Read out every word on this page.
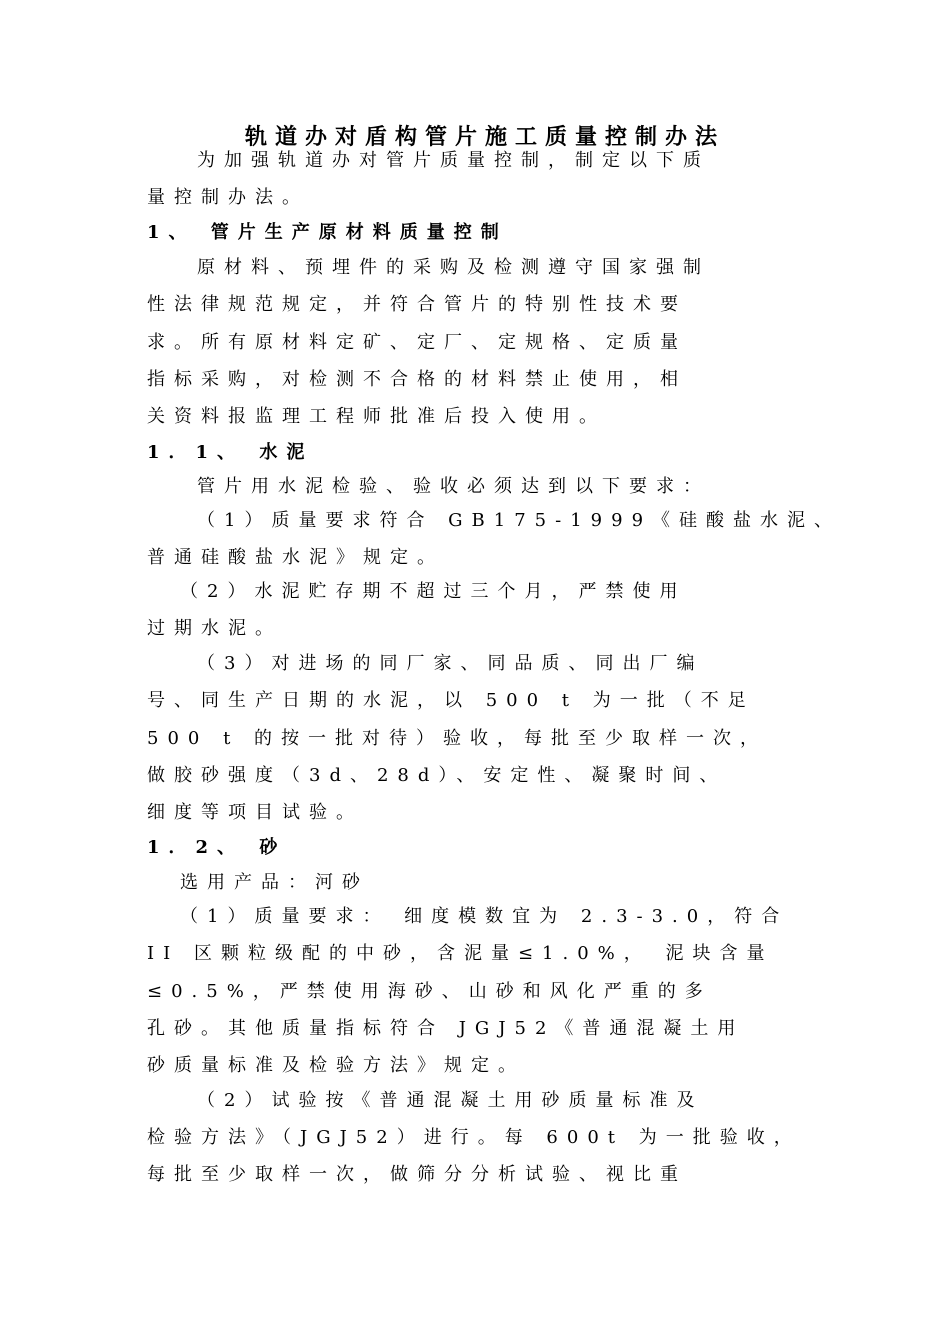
轨道办对盾构管片施工质量控制办法
为加强轨道办对管片质量控制，制定以下质
量控制办法。
1、 管片生产原材料质量控制
原材料、预埋件的采购及检测遵守国家强制
性法律规范规定，并符合管片的特别性技术要
求。所有原材料定矿、定厂、定规格、定质量
指标采购，对检测不合格的材料禁止使用，相
关资料报监理工程师批准后投入使用。
1．1、 水泥
管片用水泥检验、验收必须达到以下要求：
（1）质量要求符合 GB175-1999《硅酸盐水泥、
普通硅酸盐水泥》规定。
（2）水泥贮存期不超过三个月，严禁使用
过期水泥。
（3）对进场的同厂家、同品质、同出厂编
号、同生产日期的水泥，以 500 t 为一批（不足
500 t 的按一批对待）验收，每批至少取样一次，
做胶砂强度（3d、28d）、安定性、凝聚时间、
细度等项目试验。
1．2、 砂
选用产品：河砂
（1）质量要求： 细度模数宜为 2.3-3.0，符合
II 区颗粒级配的中砂，含泥量≤1.0%， 泥块含量
≤0.5%，严禁使用海砂、山砂和风化严重的多
孔砂。其他质量指标符合 JGJ52《普通混凝土用
砂质量标准及检验方法》规定。
（2）试验按《普通混凝土用砂质量标准及
检验方法》（JGJ52）进行。每 600t 为一批验收，
每批至少取样一次，做筛分分析试验、视比重
